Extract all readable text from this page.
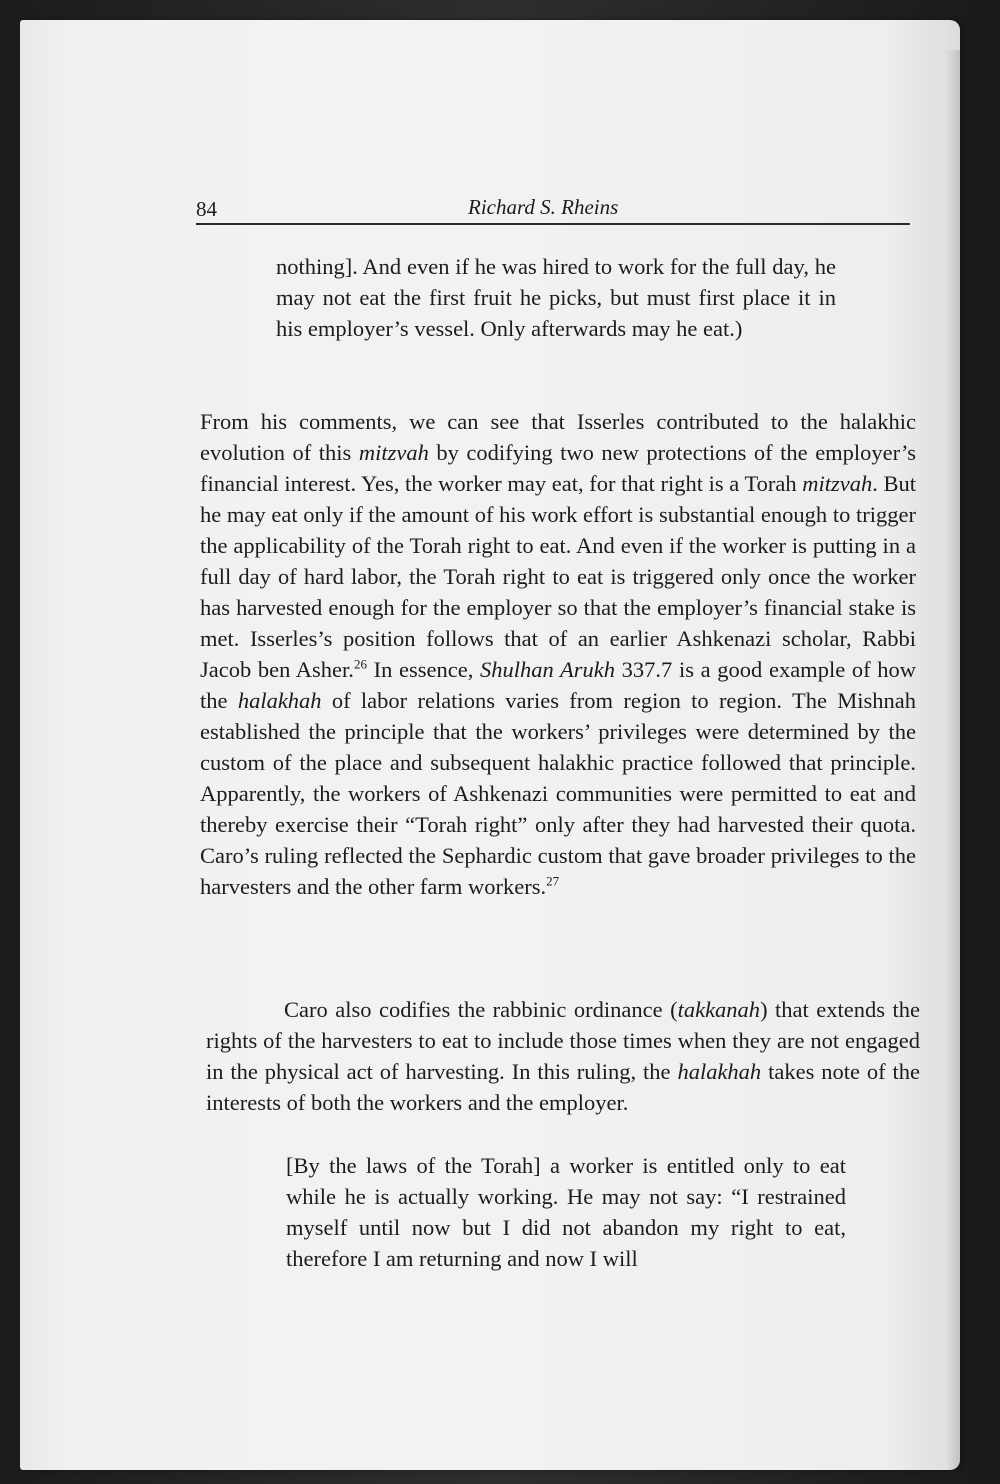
84	Richard S. Rheins
nothing]. And even if he was hired to work for the full day, he may not eat the first fruit he picks, but must first place it in his employer’s vessel. Only afterwards may he eat.)
From his comments, we can see that Isserles contributed to the halakhic evolution of this mitzvah by codifying two new protections of the employer’s financial interest. Yes, the worker may eat, for that right is a Torah mitzvah. But he may eat only if the amount of his work effort is substantial enough to trigger the applicability of the Torah right to eat. And even if the worker is putting in a full day of hard labor, the Torah right to eat is triggered only once the worker has harvested enough for the employer so that the employer’s financial stake is met. Isserles’s position follows that of an earlier Ashkenazi scholar, Rabbi Jacob ben Asher.$^{26}$ In essence, Shulhan Arukh 337.7 is a good example of how the halakhah of labor relations varies from region to region. The Mishnah established the principle that the workers’ privileges were determined by the custom of the place and subsequent halakhic practice followed that principle. Apparently, the workers of Ashkenazi communities were permitted to eat and thereby exercise their “Torah right” only after they had harvested their quota. Caro’s ruling reflected the Sephardic custom that gave broader privileges to the harvesters and the other farm workers.$^{27}$
Caro also codifies the rabbinic ordinance (takkanah) that extends the rights of the harvesters to eat to include those times when they are not engaged in the physical act of harvesting. In this ruling, the halakhah takes note of the interests of both the workers and the employer.
[By the laws of the Torah] a worker is entitled only to eat while he is actually working. He may not say: “I restrained myself until now but I did not abandon my right to eat, therefore I am returning and now I will
